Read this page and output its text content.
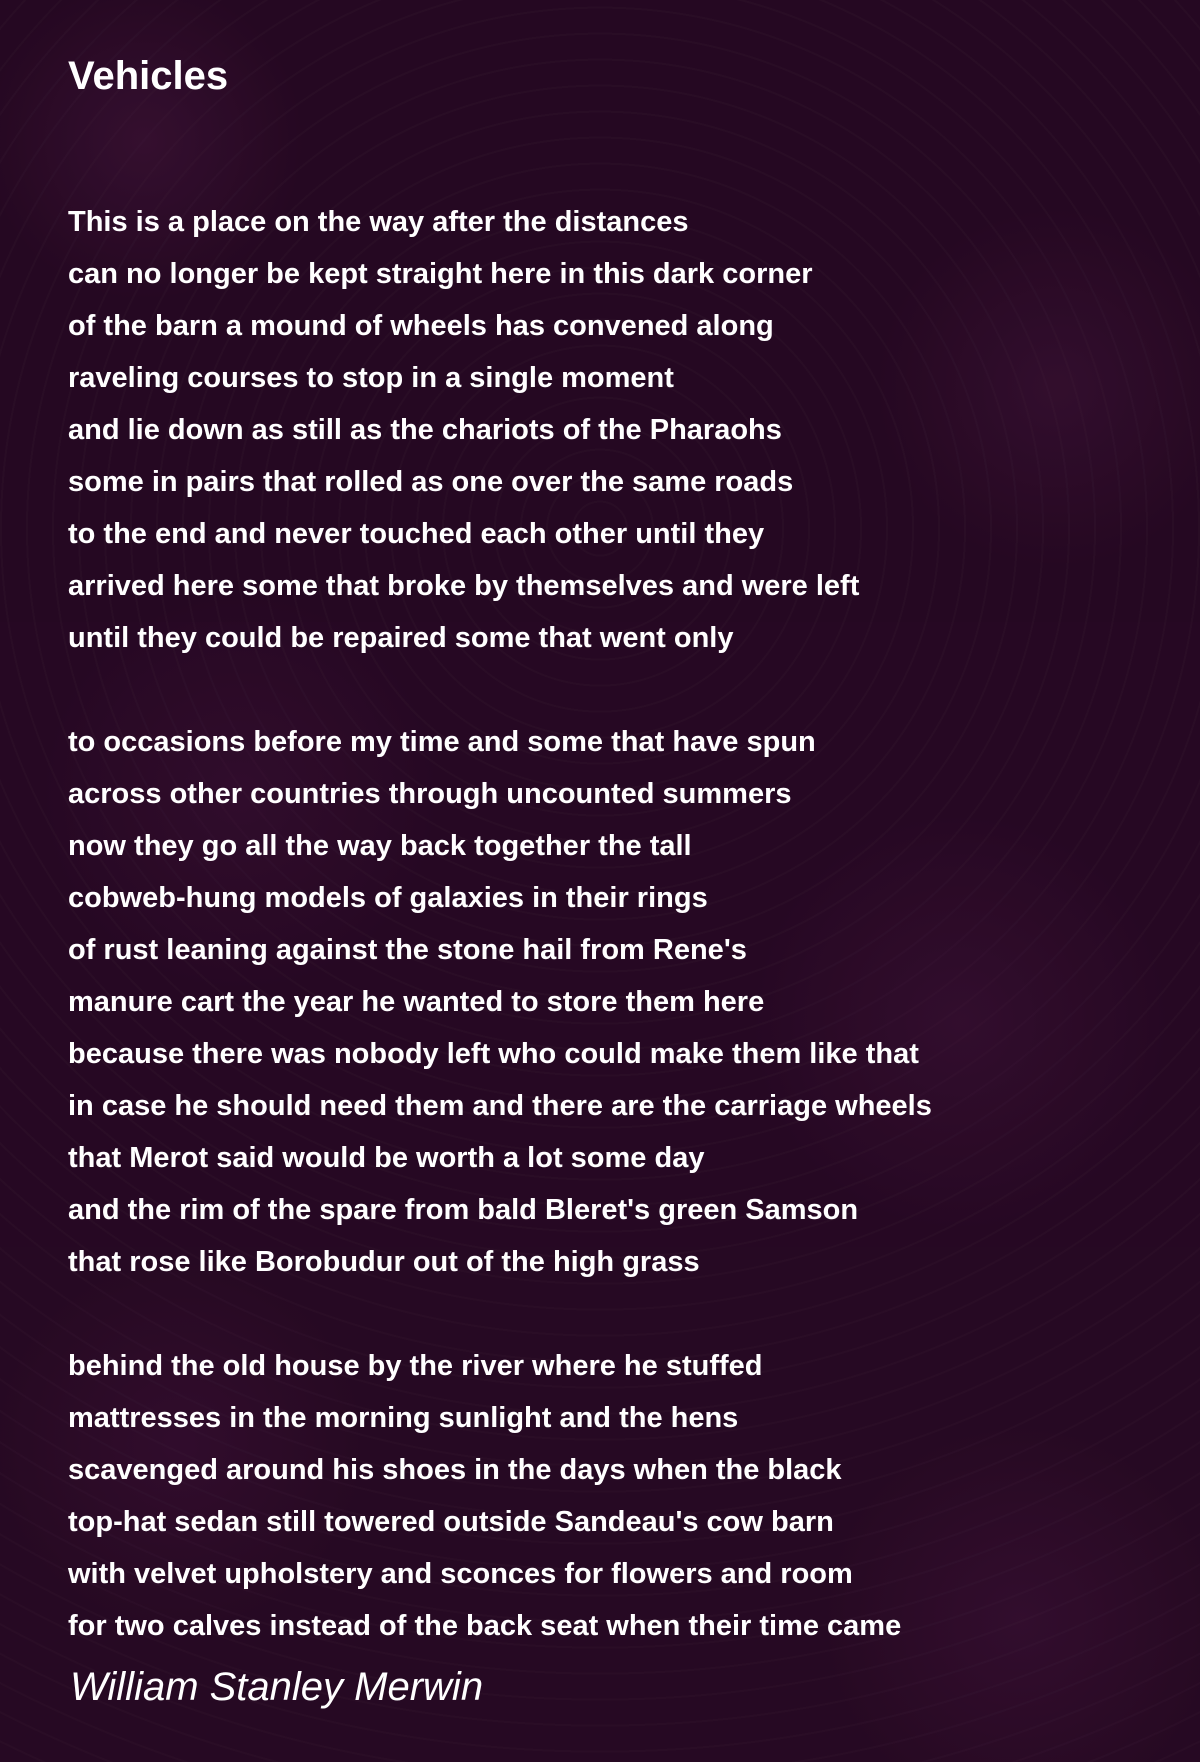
Vehicles

This is a place on the way after the distances
can no longer be kept straight here in this dark corner
of the barn a mound of wheels has convened along
raveling courses to stop in a single moment
and lie down as still as the chariots of the Pharaohs
some in pairs that rolled as one over the same roads
to the end and never touched each other until they
arrived here some that broke by themselves and were left
until they could be repaired some that went only

to occasions before my time and some that have spun
across other countries through uncounted summers
now they go all the way back together the tall
cobweb-hung models of galaxies in their rings
of rust leaning against the stone hail from Rene's
manure cart the year he wanted to store them here
because there was nobody left who could make them like that
in case he should need them and there are the carriage wheels
that Merot said would be worth a lot some day
and the rim of the spare from bald Bleret's green Samson
that rose like Borobudur out of the high grass

behind the old house by the river where he stuffed
mattresses in the morning sunlight and the hens
scavenged around his shoes in the days when the black
top-hat sedan still towered outside Sandeau's cow barn
with velvet upholstery and sconces for flowers and room
for two calves instead of the back seat when their time came

William Stanley Merwin
